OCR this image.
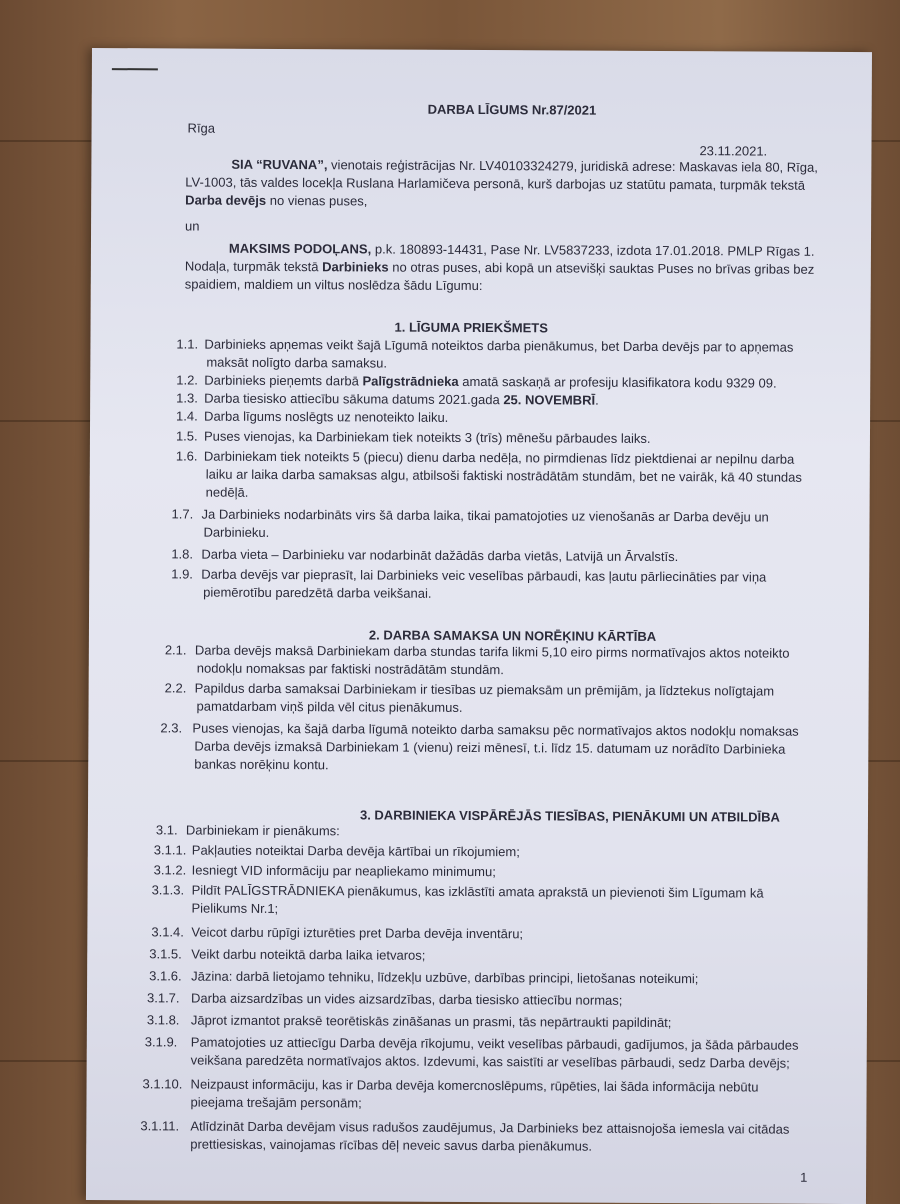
DARBA LĪGUMS Nr.87/2021
Rīga
23.11.2021.
SIA “RUVANA”, vienotais reģistrācijas Nr. LV40103324279, juridiskā adrese: Maskavas iela 80, Rīga,
LV-1003, tās valdes locekļa Ruslana Harlamičeva personā, kurš darbojas uz statūtu pamata, turpmāk tekstā
Darba devējs no vienas puses,
un
MAKSIMS PODOĻANS, p.k. 180893-14431, Pase Nr. LV5837233, izdota 17.01.2018. PMLP Rīgas 1.
Nodaļa, turpmāk tekstā Darbinieks no otras puses, abi kopā un atsevišķi sauktas Puses no brīvas gribas bez
spaidiem, maldiem un viltus noslēdza šādu Līgumu:
1. LĪGUMA PRIEKŠMETS
1.1. Darbinieks apņemas veikt šajā Līgumā noteiktos darba pienākumus, bet Darba devējs par to apņemas
maksāt nolīgto darba samaksu.
1.2. Darbinieks pieņemts darbā Palīgstrādnieka amatā saskaņā ar profesiju klasifikatora kodu 9329 09.
1.3. Darba tiesisko attiecību sākuma datums 2021.gada 25. NOVEMBRĪ.
1.4. Darba līgums noslēgts uz nenoteikto laiku.
1.5. Puses vienojas, ka Darbiniekam tiek noteikts 3 (trīs) mēnešu pārbaudes laiks.
1.6. Darbiniekam tiek noteikts 5 (piecu) dienu darba nedēļa, no pirmdienas līdz piektdienai ar nepilnu darba
laiku ar laika darba samaksas algu, atbilsoši faktiski nostrādātām stundām, bet ne vairāk, kā 40 stundas
nedēļā.
1.7. Ja Darbinieks nodarbināts virs šā darba laika, tikai pamatojoties uz vienošanās ar Darba devēju un
Darbinieku.
1.8. Darba vieta – Darbinieku var nodarbināt dažādās darba vietās, Latvijā un Ārvalstīs.
1.9. Darba devējs var pieprasīt, lai Darbinieks veic veselības pārbaudi, kas ļautu pārliecināties par viņa
piemērotību paredzētā darba veikšanai.
2. DARBA SAMAKSA UN NORĒĶINU KĀRTĪBA
2.1. Darba devējs maksā Darbiniekam darba stundas tarifa likmi 5,10 eiro pirms normatīvajos aktos noteikto
nodokļu nomaksas par faktiski nostrādātām stundām.
2.2. Papildus darba samaksai Darbiniekam ir tiesības uz piemaksām un prēmijām, ja līdztekus nolīgtajam
pamatdarbam viņš pilda vēl citus pienākumus.
2.3. Puses vienojas, ka šajā darba līgumā noteikto darba samaksu pēc normatīvajos aktos nodokļu nomaksas
Darba devējs izmaksā Darbiniekam 1 (vienu) reizi mēnesī, t.i. līdz 15. datumam uz norādīto Darbinieka
bankas norēķinu kontu.
3. DARBINIEKA VISPĀRĒJĀS TIESĪBAS, PIENĀKUMI UN ATBILDĪBA
3.1. Darbiniekam ir pienākums:
3.1.1. Pakļauties noteiktai Darba devēja kārtībai un rīkojumiem;
3.1.2. Iesniegt VID informāciju par neapliekamo minimumu;
3.1.3. Pildīt PALĪGSTRĀDNIEKA pienākumus, kas izklāstīti amata aprakstā un pievienoti šim Līgumam kā
Pielikums Nr.1;
3.1.4. Veicot darbu rūpīgi izturēties pret Darba devēja inventāru;
3.1.5. Veikt darbu noteiktā darba laika ietvaros;
3.1.6. Jāzina: darbā lietojamo tehniku, līdzekļu uzbūve, darbības principi, lietošanas noteikumi;
3.1.7. Darba aizsardzības un vides aizsardzības, darba tiesisko attiecību normas;
3.1.8. Jāprot izmantot praksē teorētiskās zināšanas un prasmi, tās nepārtraukti papildināt;
3.1.9. Pamatojoties uz attiecīgu Darba devēja rīkojumu, veikt veselības pārbaudi, gadījumos, ja šāda pārbaudes
veikšana paredzēta normatīvajos aktos. Izdevumi, kas saistīti ar veselības pārbaudi, sedz Darba devējs;
3.1.10. Neizpaust informāciju, kas ir Darba devēja komercnoslēpums, rūpēties, lai šāda informācija nebūtu
pieejama trešajām personām;
3.1.11. Atlīdzināt Darba devējam visus radušos zaudējumus, Ja Darbinieks bez attaisnojoša iemesla vai citādas
prettiesiskas, vainojamas rīcības dēļ neveic savus darba pienākumus.
1
